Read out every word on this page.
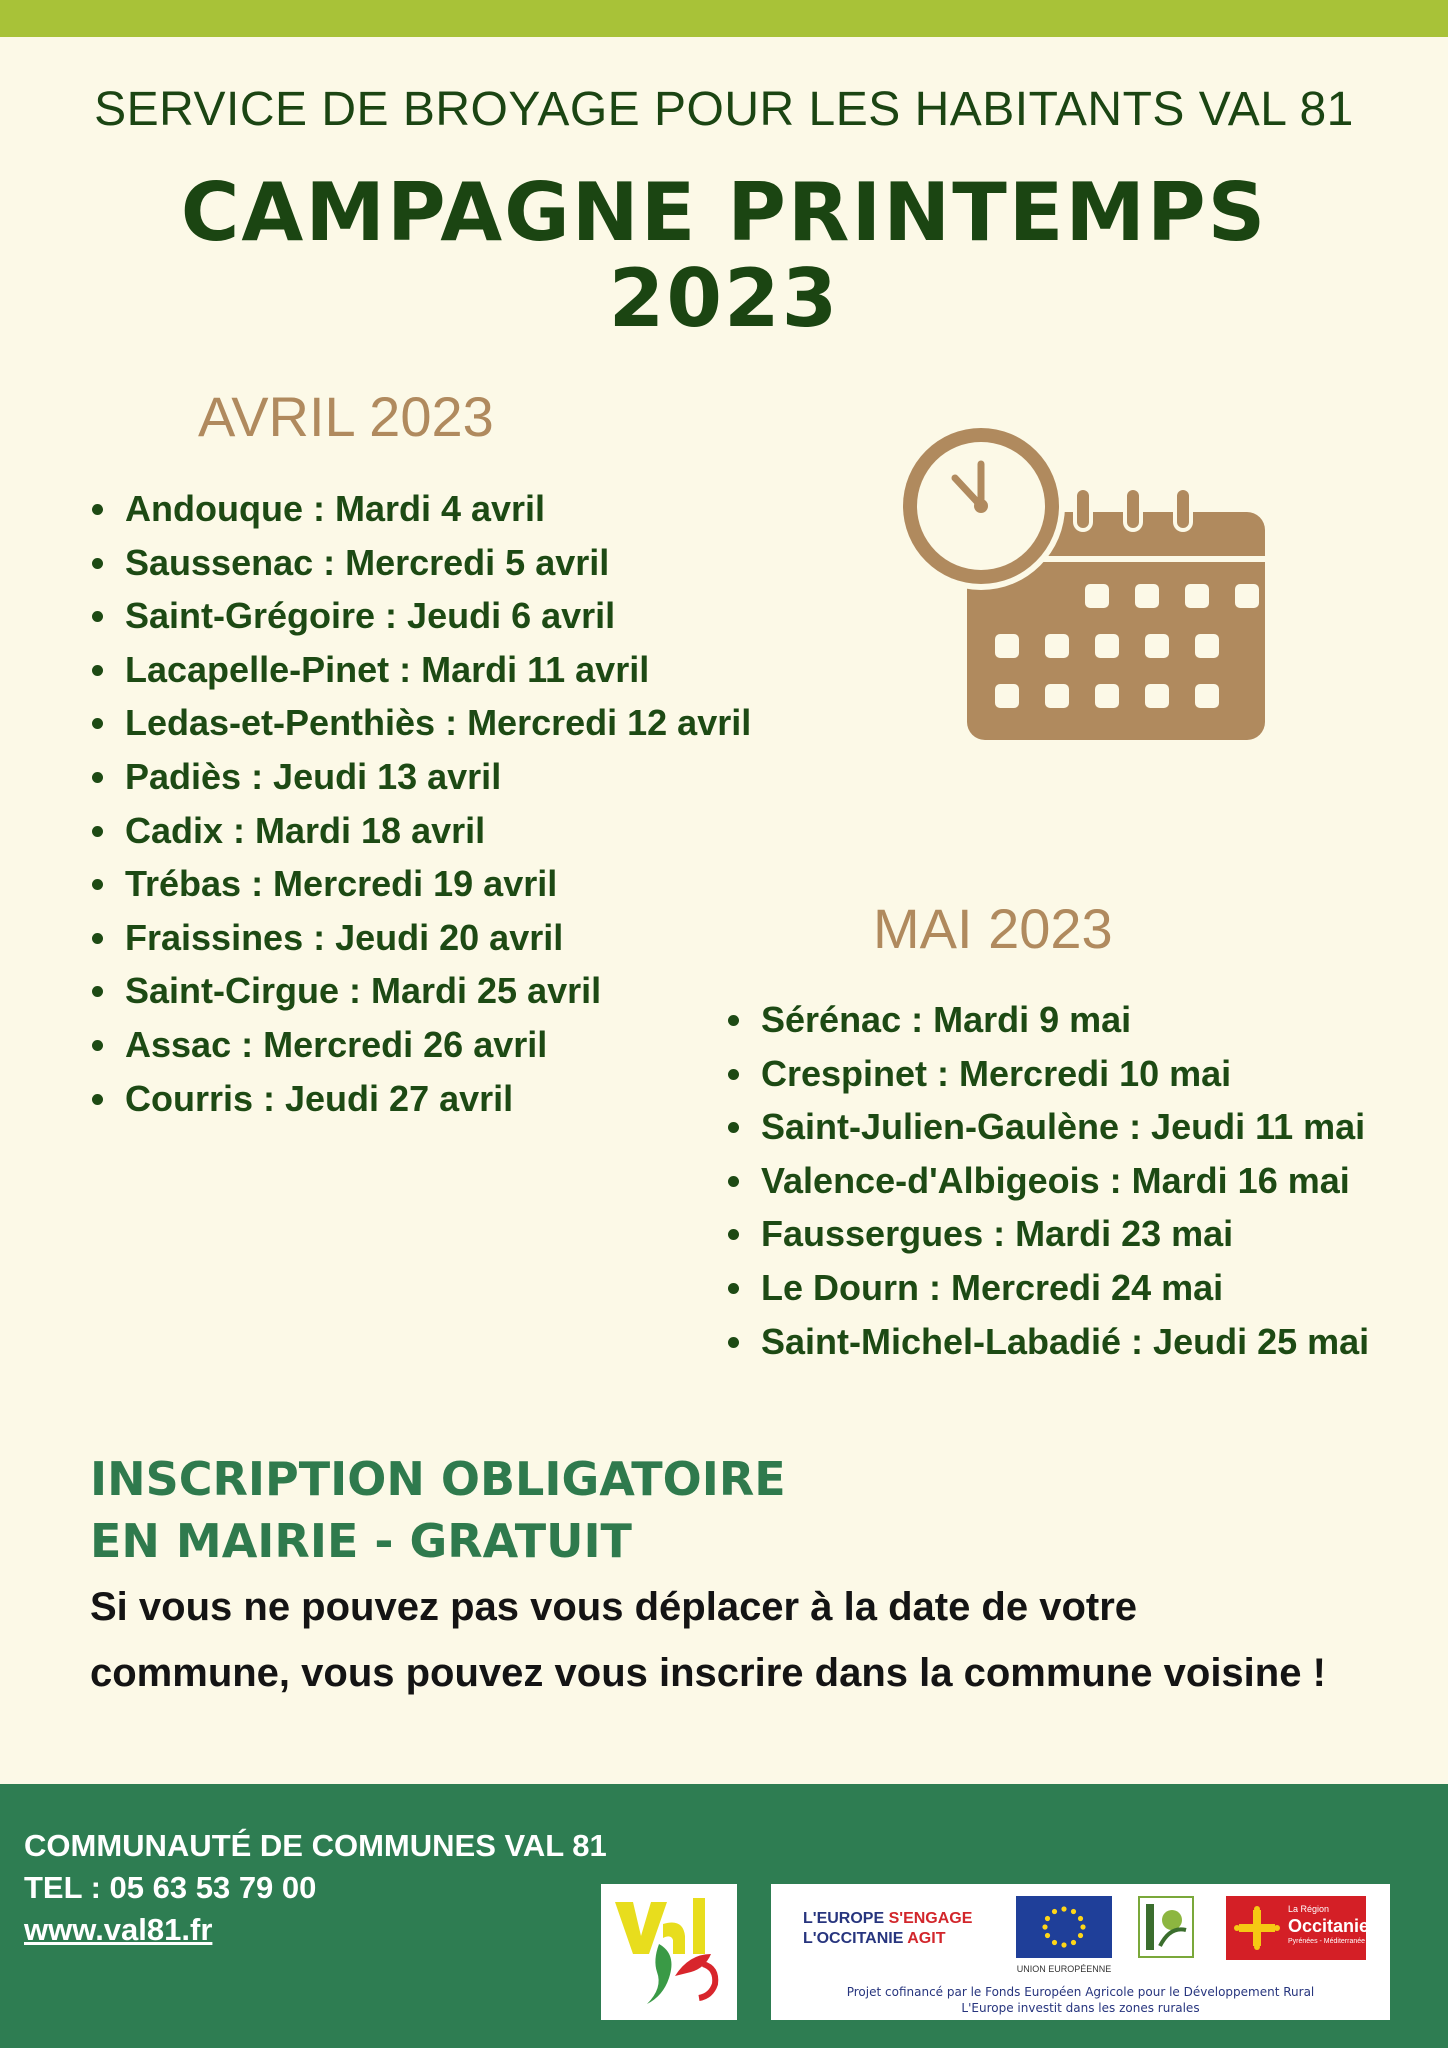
SERVICE DE BROYAGE POUR LES HABITANTS VAL 81
CAMPAGNE PRINTEMPS
2023
AVRIL 2023
Andouque : Mardi 4 avril
Saussenac : Mercredi 5 avril
Saint-Grégoire : Jeudi 6 avril
Lacapelle-Pinet : Mardi 11 avril
Ledas-et-Penthiès : Mercredi 12 avril
Padiès : Jeudi 13 avril
Cadix : Mardi 18 avril
Trébas : Mercredi 19 avril
Fraissines : Jeudi 20 avril
Saint-Cirgue : Mardi 25 avril
Assac : Mercredi 26 avril
Courris : Jeudi 27 avril
MAI 2023
Sérénac : Mardi 9 mai
Crespinet : Mercredi 10 mai
Saint-Julien-Gaulène : Jeudi 11 mai
Valence-d'Albigeois : Mardi 16 mai
Faussergues : Mardi 23 mai
Le Dourn : Mercredi 24 mai
Saint-Michel-Labadié : Jeudi 25 mai
INSCRIPTION OBLIGATOIRE
EN MAIRIE - GRATUIT
Si vous ne pouvez pas vous déplacer à la date de votre
commune, vous pouvez vous inscrire dans la commune voisine !
COMMUNAUTÉ DE COMMUNES VAL 81
TEL : 05 63 53 79 00
www.val81.fr	L'EUROPE S'ENGAGE
L'OCCITANIE AGIT
UNION EUROPÉENNE
La Région
Occitanie
Pyrénées - Méditerranée
Projet cofinancé par le Fonds Européen Agricole pour le Développement Rural
L'Europe investit dans les zones rurales
